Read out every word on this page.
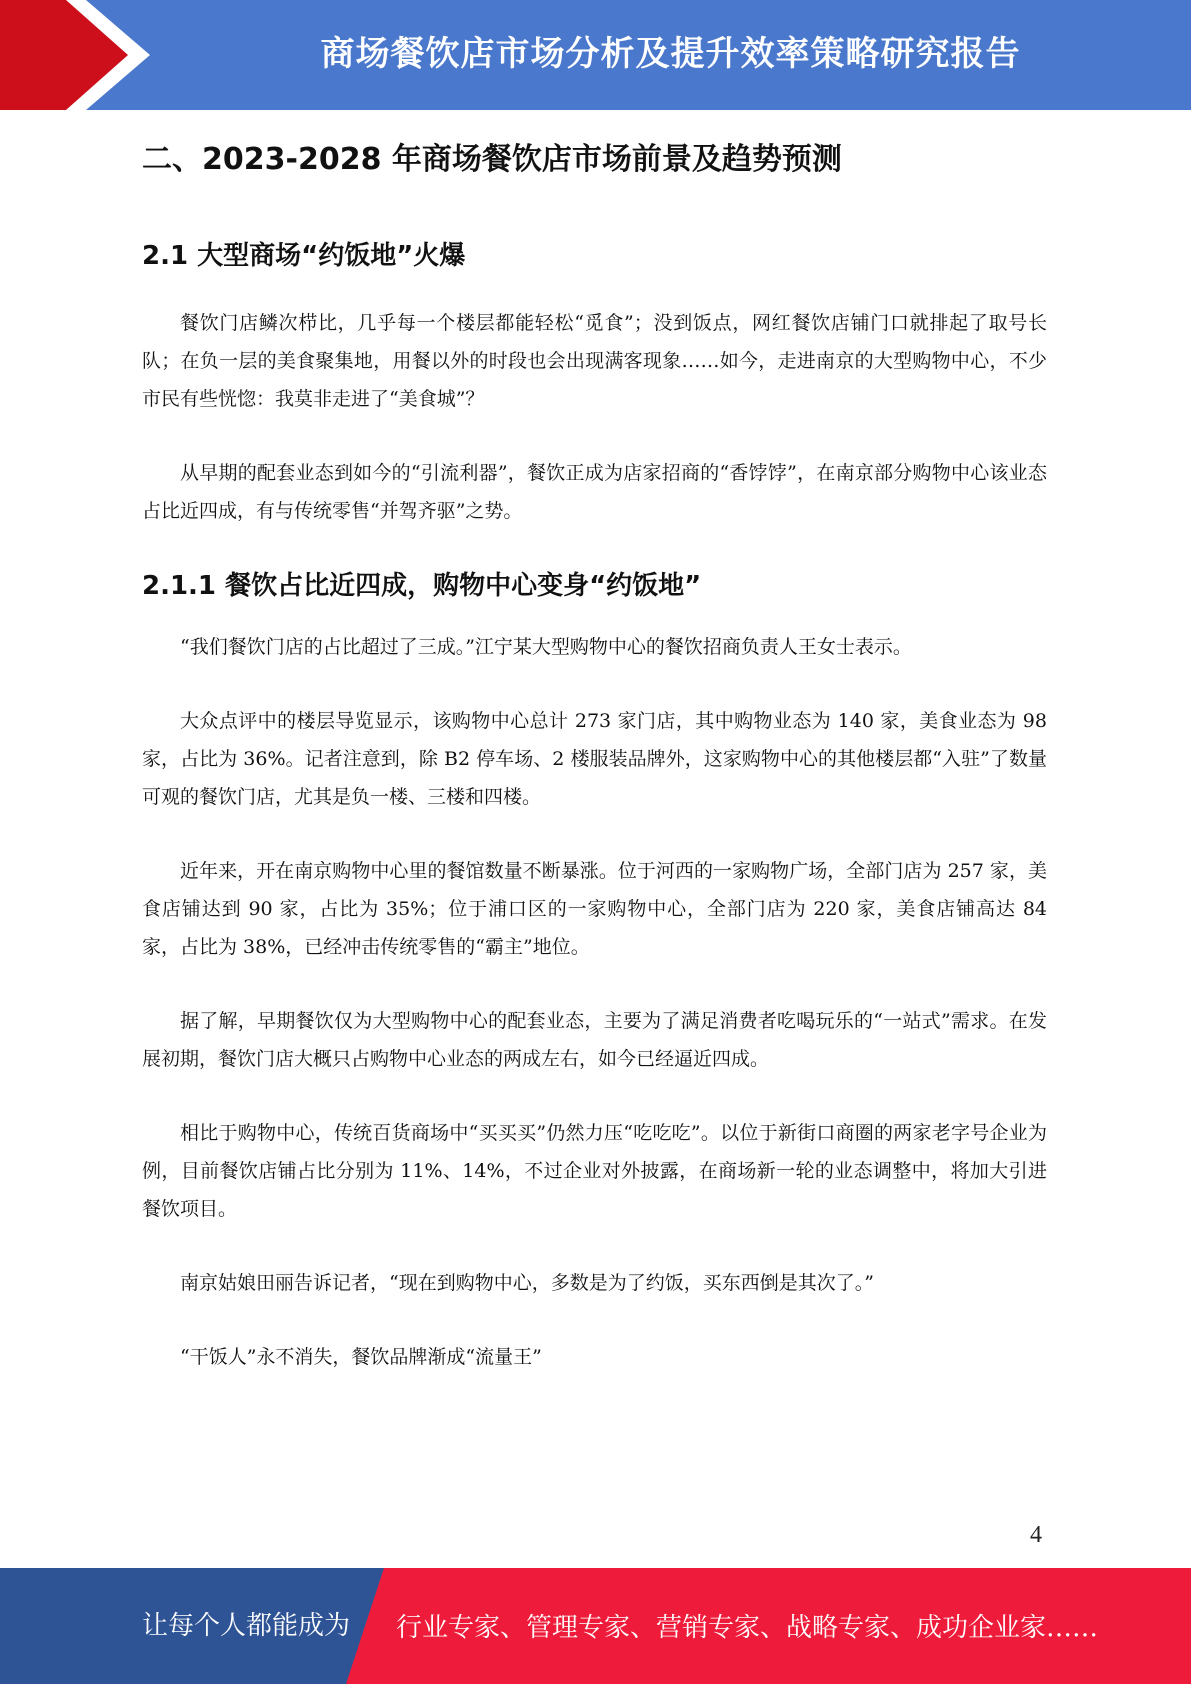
商场餐饮店市场分析及提升效率策略研究报告
二、2023-2028 年商场餐饮店市场前景及趋势预测
2.1 大型商场“约饭地”火爆

餐饮门店鳞次栉比，几乎每一个楼层都能轻松“觅食”；没到饭点，网红餐饮店铺门口就排起了取号长队；在负一层的美食聚集地，用餐以外的时段也会出现满客现象……如今，走进南京的大型购物中心，不少市民有些恍惚：我莫非走进了“美食城”？

从早期的配套业态到如今的“引流利器”，餐饮正成为店家招商的“香饽饽”，在南京部分购物中心该业态占比近四成，有与传统零售“并驾齐驱”之势。

2.1.1 餐饮占比近四成，购物中心变身“约饭地”

“我们餐饮门店的占比超过了三成。”江宁某大型购物中心的餐饮招商负责人王女士表示。

大众点评中的楼层导览显示，该购物中心总计 273 家门店，其中购物业态为 140 家，美食业态为 98 家，占比为 36%。记者注意到，除 B2 停车场、2 楼服装品牌外，这家购物中心的其他楼层都“入驻”了数量可观的餐饮门店，尤其是负一楼、三楼和四楼。

近年来，开在南京购物中心里的餐馆数量不断暴涨。位于河西的一家购物广场，全部门店为 257 家，美食店铺达到 90 家，占比为 35%；位于浦口区的一家购物中心，全部门店为 220 家，美食店铺高达 84 家，占比为 38%，已经冲击传统零售的“霸主”地位。

据了解，早期餐饮仅为大型购物中心的配套业态，主要为了满足消费者吃喝玩乐的“一站式”需求。在发展初期，餐饮门店大概只占购物中心业态的两成左右，如今已经逼近四成。

相比于购物中心，传统百货商场中“买买买”仍然力压“吃吃吃”。以位于新街口商圈的两家老字号企业为例，目前餐饮店铺占比分别为 11%、14%，不过企业对外披露，在商场新一轮的业态调整中，将加大引进餐饮项目。

南京姑娘田丽告诉记者，“现在到购物中心，多数是为了约饭，买东西倒是其次了。”

“干饭人”永不消失，餐饮品牌渐成“流量王”

4
让每个人都能成为 行业专家、管理专家、营销专家、战略专家、成功企业家……
